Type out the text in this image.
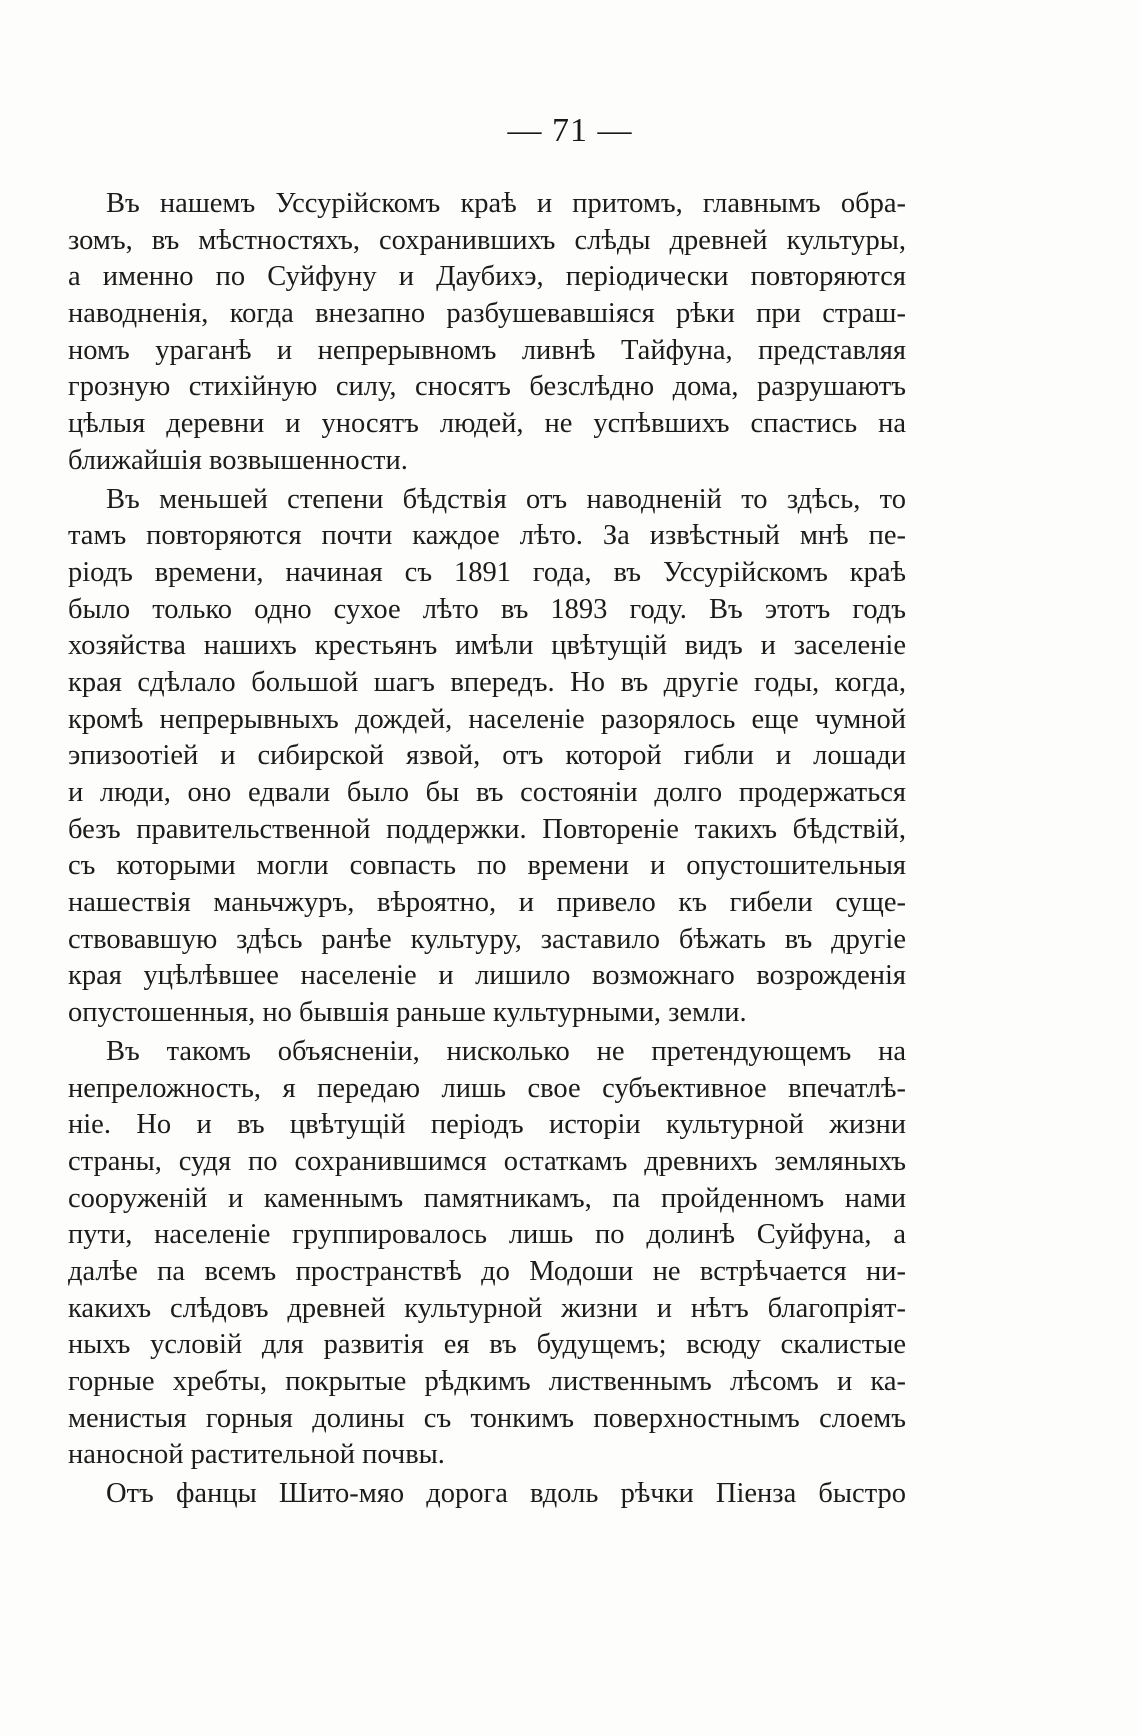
— 71 —
Въ нашемъ Уссурійскомъ краѣ и притомъ, главнымъ обра-
зомъ, въ мѣстностяхъ, сохранившихъ слѣды древней культуры,
а именно по Суйфуну и Даубихэ, періодически повторяются
наводненія, когда внезапно разбушевавшіяся рѣки при страш-
номъ ураганѣ и непрерывномъ ливнѣ Тайфуна, представляя
грозную стихійную силу, сносятъ безслѣдно дома, разрушаютъ
цѣлыя деревни и уносятъ людей, не успѣвшихъ спастись на
ближайшія возвышенности.
Въ меньшей степени бѣдствія отъ наводненій то здѣсь, то
тамъ повторяются почти каждое лѣто. За извѣстный мнѣ пе-
ріодъ времени, начиная съ 1891 года, въ Уссурійскомъ краѣ
было только одно сухое лѣто въ 1893 году. Въ этотъ годъ
хозяйства нашихъ крестьянъ имѣли цвѣтущій видъ и заселеніе
края сдѣлало большой шагъ впередъ. Но въ другіе годы, когда,
кромѣ непрерывныхъ дождей, населеніе разорялось еще чумной
эпизоотіей и сибирской язвой, отъ которой гибли и лошади
и люди, оно едвали было бы въ состояніи долго продержаться
безъ правительственной поддержки. Повтореніе такихъ бѣдствій,
съ которыми могли совпасть по времени и опустошительныя
нашествія маньчжуръ, вѣроятно, и привело къ гибели суще-
ствовавшую здѣсь ранѣе культуру, заставило бѣжать въ другіе
края уцѣлѣвшее населеніе и лишило возможнаго возрожденія
опустошенныя, но бывшія раньше культурными, земли.
Въ такомъ объясненіи, нисколько не претендующемъ на
непреложность, я передаю лишь свое субъективное впечатлѣ-
ніе. Но и въ цвѣтущій періодъ исторіи культурной жизни
страны, судя по сохранившимся остаткамъ древнихъ земляныхъ
сооруженій и каменнымъ памятникамъ, па пройденномъ нами
пути, населеніе группировалось лишь по долинѣ Суйфуна, а
далѣе па всемъ пространствѣ до Модоши не встрѣчается ни-
какихъ слѣдовъ древней культурной жизни и нѣтъ благопріят-
ныхъ условій для развитія ея въ будущемъ; всюду скалистые
горные хребты, покрытые рѣдкимъ лиственнымъ лѣсомъ и ка-
менистыя горныя долины съ тонкимъ поверхностнымъ слоемъ
наносной растительной почвы.
Отъ фанцы Шито-мяо дорога вдоль рѣчки Піенза быстро
